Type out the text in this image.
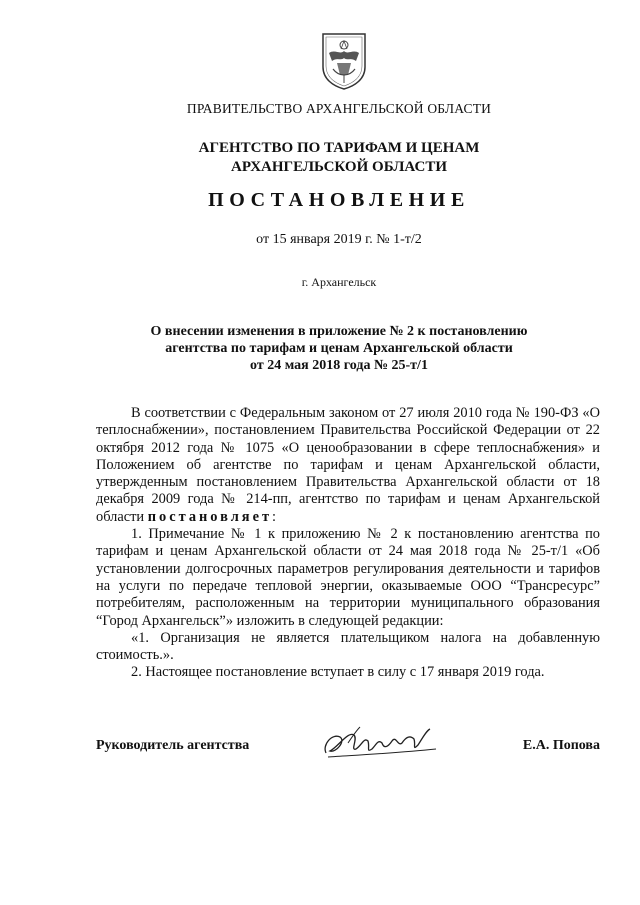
ПРАВИТЕЛЬСТВО АРХАНГЕЛЬСКОЙ ОБЛАСТИ
АГЕНТСТВО ПО ТАРИФАМ И ЦЕНАМ
АРХАНГЕЛЬСКОЙ ОБЛАСТИ
ПОСТАНОВЛЕНИЕ
от 15 января 2019 г. № 1-т/2
г. Архангельск
О внесении изменения в приложение № 2 к постановлению
агентства по тарифам и ценам Архангельской области
от 24 мая 2018 года № 25-т/1

В соответствии с Федеральным законом от 27 июля 2010 года № 190-ФЗ «О теплоснабжении», постановлением Правительства Российской Федерации от 22 октября 2012 года № 1075 «О ценообразовании в сфере теплоснабжения» и Положением об агентстве по тарифам и ценам Архангельской области, утвержденным постановлением Правительства Архангельской области от 18 декабря 2009 года № 214-пп, агентство по тарифам и ценам Архангельской области постановляет:

1. Примечание № 1 к приложению № 2 к постановлению агентства по тарифам и ценам Архангельской области от 24 мая 2018 года № 25-т/1 «Об установлении долгосрочных параметров регулирования деятельности и тарифов на услуги по передаче тепловой энергии, оказываемые ООО “Трансресурс” потребителям, расположенным на территории муниципального образования “Город Архангельск”» изложить в следующей редакции:

«1. Организация не является плательщиком налога на добавленную стоимость.».

2. Настоящее постановление вступает в силу с 17 января 2019 года.

Руководитель агентства	Е.А. Попова
